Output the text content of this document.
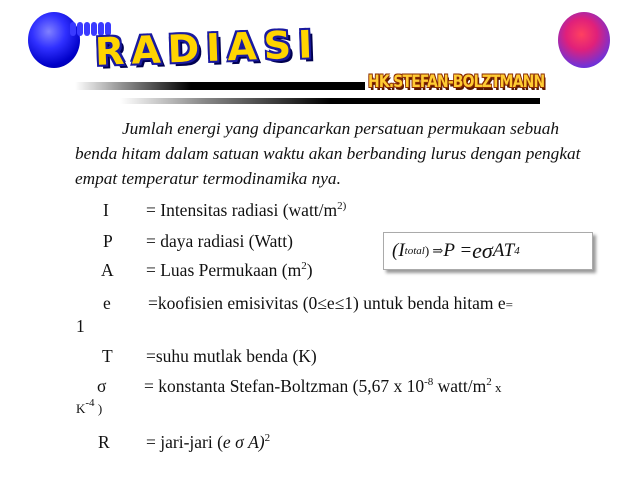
RADIASI
HK.STEFAN-BOLZTMANN
Jumlah energi yang dipancarkan persatuan permukaan sebuah benda hitam dalam satuan waktu akan berbanding lurus dengan pengkat empat temperatur termodinamika nya.
(I total ) ⇒ P = e σ AT 4
I = Intensitas radiasi ($watt/m^{2)}$
P = daya radiasi (Watt)
A = Luas Permukaan $(m^2)$
e =koofisien emisivitas (0≤e≤1) untuk benda hitam e=
1
T =suhu mutlak benda (K)
σ = konstanta Stefan-Boltzman (5,67 x $10^{-8}$ watt/$m^2$ x
$K^{-4}$ )
R = jari-jari (e σ A)$^2$
